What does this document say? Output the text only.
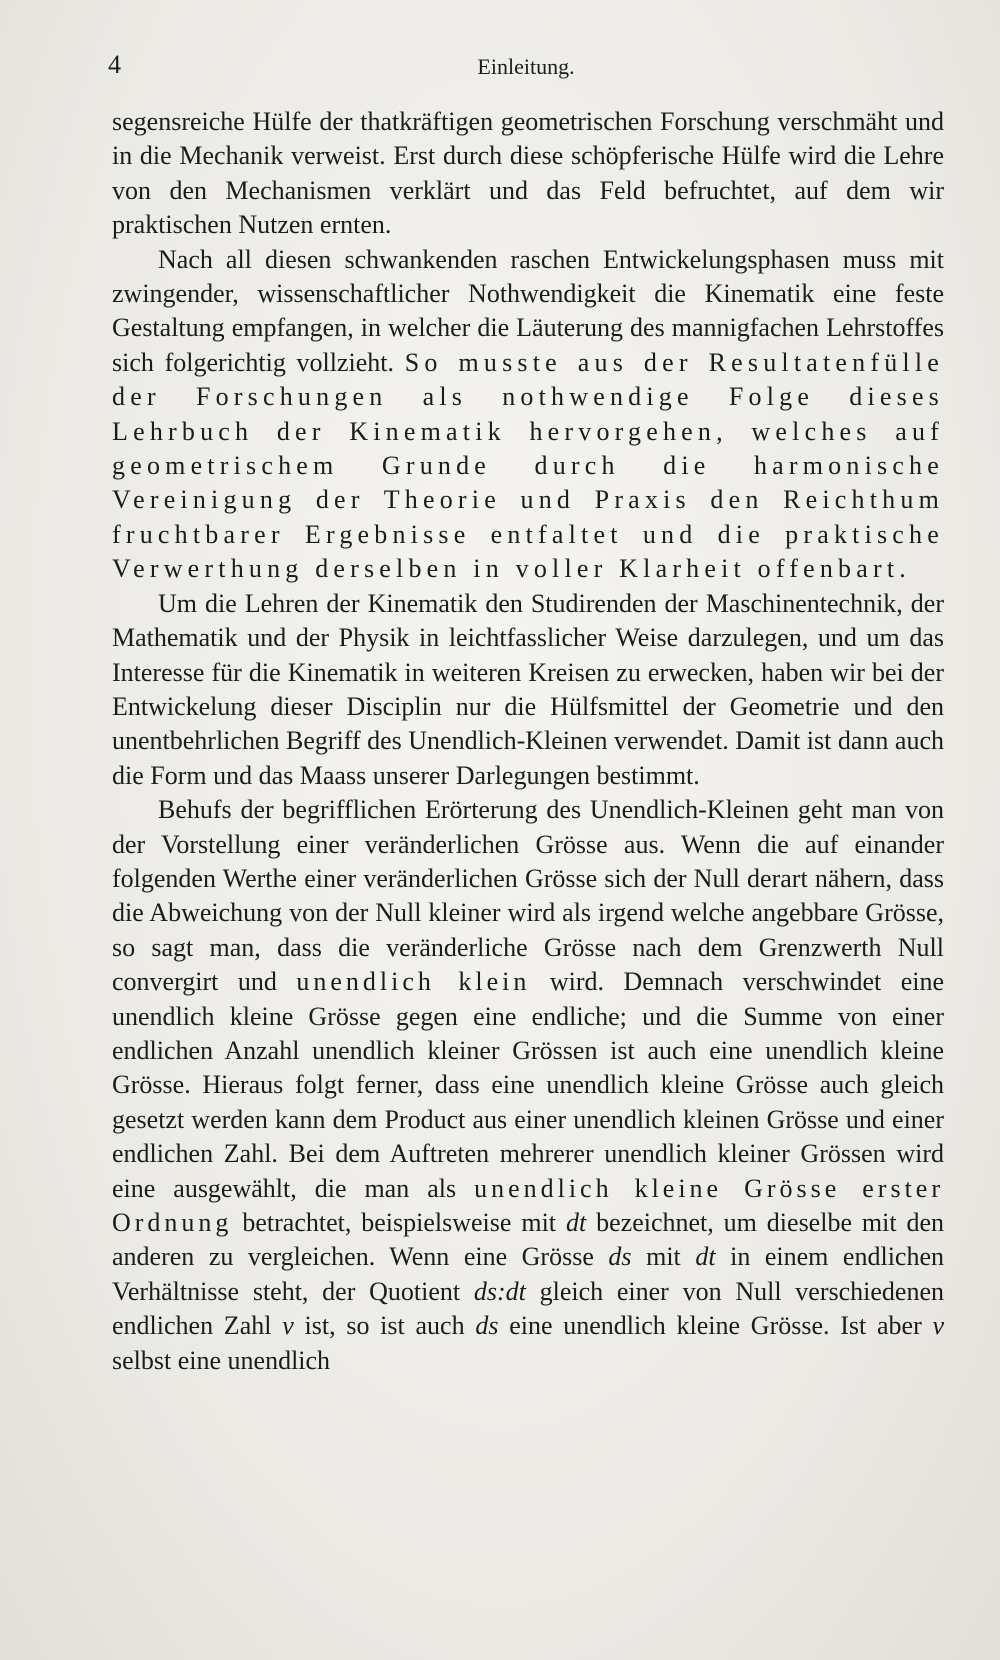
4	Einleitung.

segensreiche Hülfe der thatkräftigen geometrischen Forschung verschmäht und in die Mechanik verweist. Erst durch diese schöpferische Hülfe wird die Lehre von den Mechanismen verklärt und das Feld befruchtet, auf dem wir praktischen Nutzen ernten.

Nach all diesen schwankenden raschen Entwickelungsphasen muss mit zwingender, wissenschaftlicher Nothwendigkeit die Kinematik eine feste Gestaltung empfangen, in welcher die Läuterung des mannigfachen Lehrstoffes sich folgerichtig vollzieht. So musste aus der Resultatenfülle der Forschungen als nothwendige Folge dieses Lehrbuch der Kinematik hervorgehen, welches auf geometrischem Grunde durch die harmonische Vereinigung der Theorie und Praxis den Reichthum fruchtbarer Ergebnisse entfaltet und die praktische Verwerthung derselben in voller Klarheit offenbart.

Um die Lehren der Kinematik den Studirenden der Maschinentechnik, der Mathematik und der Physik in leichtfasslicher Weise darzulegen, und um das Interesse für die Kinematik in weiteren Kreisen zu erwecken, haben wir bei der Entwickelung dieser Disciplin nur die Hülfsmittel der Geometrie und den unentbehrlichen Begriff des Unendlich-Kleinen verwendet. Damit ist dann auch die Form und das Maass unserer Darlegungen bestimmt.

Behufs der begrifflichen Erörterung des Unendlich-Kleinen geht man von der Vorstellung einer veränderlichen Grösse aus. Wenn die auf einander folgenden Werthe einer veränderlichen Grösse sich der Null derart nähern, dass die Abweichung von der Null kleiner wird als irgend welche angebbare Grösse, so sagt man, dass die veränderliche Grösse nach dem Grenzwerth Null convergirt und unendlich klein wird. Demnach verschwindet eine unendlich kleine Grösse gegen eine endliche; und die Summe von einer endlichen Anzahl unendlich kleiner Grössen ist auch eine unendlich kleine Grösse. Hieraus folgt ferner, dass eine unendlich kleine Grösse auch gleich gesetzt werden kann dem Product aus einer unendlich kleinen Grösse und einer endlichen Zahl. Bei dem Auftreten mehrerer unendlich kleiner Grössen wird eine ausgewählt, die man als unendlich kleine Grösse erster Ordnung betrachtet, beispielsweise mit dt bezeichnet, um dieselbe mit den anderen zu vergleichen. Wenn eine Grösse ds mit dt in einem endlichen Verhältnisse steht, der Quotient ds:dt gleich einer von Null verschiedenen endlichen Zahl v ist, so ist auch ds eine unendlich kleine Grösse. Ist aber v selbst eine unendlich
